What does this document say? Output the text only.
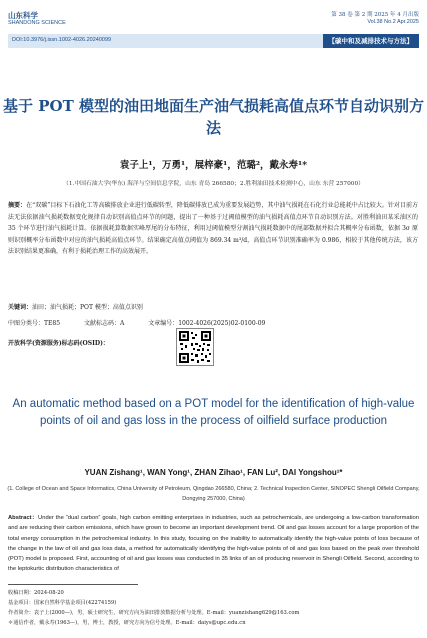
山东科学
SHANDONG SCIENCE
第 38 卷 第 2 期 2025 年 4 月出版
Vol.38 No.2 Apr.2025
DOI:10.3976/j.issn.1002-4026.20240099	【碳中和及减排技术与方法】
基于 POT 模型的油田地面生产油气损耗高值点环节自动识别方法
袁子上¹，万勇¹，展梓豪¹，范璐²，戴永寿¹*
（1.中国石油大学(华东) 海洋与空间信息学院，山东 青岛 266580；2.胜利油田技术检测中心，山东 东营 257000）
摘要：在“双碳”目标下石油化工等高碳排放企业进行低碳转型，降低碳排放已成为重要发展趋势，其中油气损耗在石化行业总能耗中占比较大。针对目前方法无法依据油气损耗数据变化规律自动识别高值点环节的问题，提出了一种基于过阈值模型的油气损耗高值点环节自动识别方法。对胜利油田某采油区的 35 个环节进行油气损耗计算。依据损耗算数据实峰厚尾的分布特征，利用过阈值模型分割油气损耗数据中的尾部数据并拟合其概率分布函数，依据 3σ 原则识别概率分布函数中对应的油气损耗高值点环节。结果确定高值点阈值为 869.34 m³/d，高值点环节识别准确率为 0.986，相较于其他传统方法，该方法识别结果更准确，有利于损耗治理工作的高效展开。
关键词：油田；油气损耗；POT 模型；高值点识别
中图分类号：TE85	文献标志码：A	文章编号：1002-4026(2025)02-0100-09
开放科学(资源服务)标志码(OSID)：
An automatic method based on a POT model for the identification of high-value points of oil and gas loss in the process of oilfield surface production
YUAN Zishang¹, WAN Yong¹, ZHAN Zihao¹, FAN Lu², DAI Yongshou¹*
(1. College of Ocean and Space Informatics, China University of Petroleum, Qingdao 266580, China; 2. Technical Inspection Center, SINOPEC Shengli Oilfield Company, Dongying 257000, China)
Abstract：Under the “dual carbon” goals, high carbon emitting enterprises in industries, such as petrochemicals, are undergoing a low-carbon transformation and are reducing their carbon emissions, which have grown to become an important development trend. Oil and gas losses account for a large proportion of the total energy consumption in the petrochemical industry. In this study, focusing on the inability to automatically identify the high-value points of loss because of the change in the law of oil and gas loss data, a method for automatically identifying the high-value points of oil and gas loss based on the peak over threshold (POT) model is proposed. First, accounting of oil and gas losses was conducted in 35 links of an oil producing reservoir in Shengli Oilfield. Second, according to the leptokurtic distribution characteristics of
收稿日期：2024-08-20
基金项目：国家自然科学基金项目(42274159)
作者简介：袁子上(2000—)，男，硕士研究生，研究方向为油田排放数据分析与处理。E-mail：yuanzishang629@163.com
＊通信作者，戴永寿(1963—)，男，博士，教授，研究方向为信号处理。E-mail：daiys@upc.edu.cn
